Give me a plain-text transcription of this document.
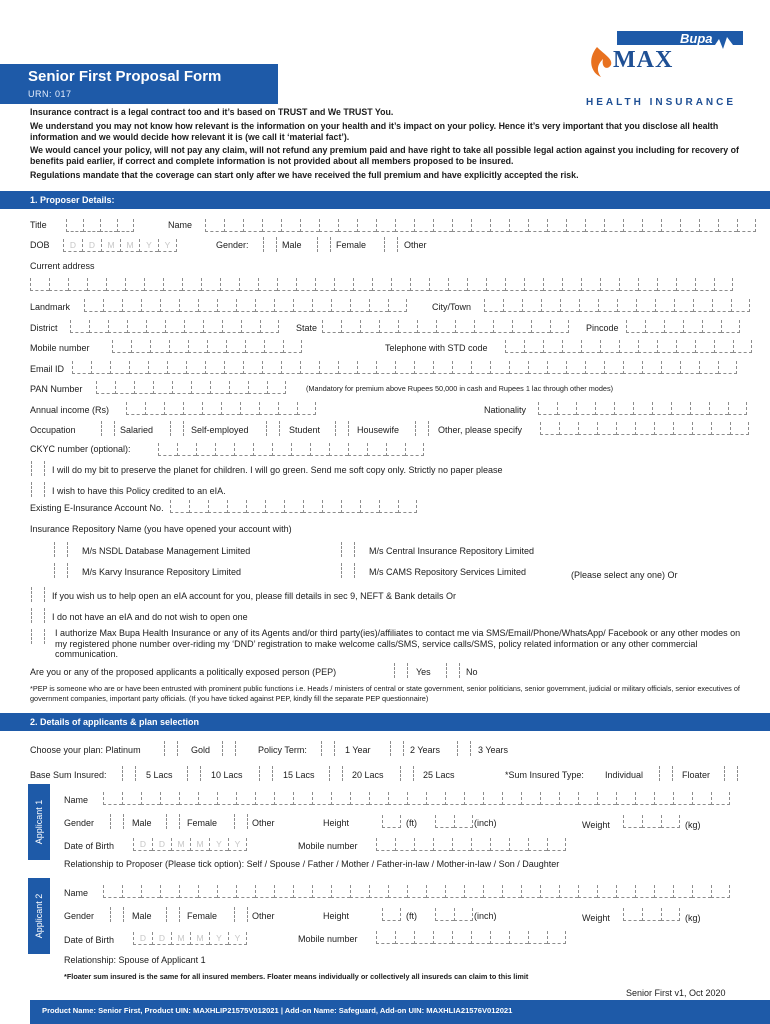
Senior First Proposal Form
URN: 017
Bupa
MAX
HEALTH INSURANCE
Insurance contract is a legal contract too and it’s based on TRUST and We TRUST You.
We understand you may not know how relevant is the information on your health and it’s impact on your policy. Hence it’s very important that you disclose all health information and we would decide how relevant it is (we call it ‘material fact’).
We would cancel your policy, will not pay any claim, will not refund any premium paid and have right to take all possible legal action against you including for recovery of benefits paid earlier, if correct and complete information is not provided about all members proposed to be insured.
Regulations mandate that the coverage can start only after we have received the full premium and have explicitly accepted the risk.
1. Proposer Details:
Title	Name
DOB	D	D	M	M	Y	Y	Gender:	Male	Female	Other
Current address
Landmark	City/Town
District	State	Pincode
Mobile number	Telephone with STD code
Email ID
PAN Number	(Mandatory for premium above Rupees 50,000 in cash and Rupees 1 lac through other modes)
Annual income (Rs)	Nationality
Occupation	Salaried	Self-employed	Student	Housewife	Other, please specify
CKYC number (optional):
I will do my bit to preserve the planet for children. I will go green. Send me soft copy only. Strictly no paper please
I wish to have this Policy credited to an eIA.
Existing E-Insurance Account No.
Insurance Repository Name (you have opened your account with)
M/s NSDL Database Management Limited	M/s Central Insurance Repository Limited
M/s Karvy Insurance Repository Limited	M/s CAMS Repository Services Limited	(Please select any one) Or
If you wish us to help open an eIA account for you, please fill details in sec 9, NEFT & Bank details Or
I do not have an eIA and do not wish to open one
I authorize Max Bupa Health Insurance or any of its Agents and/or third party(ies)/affiliates to contact me via SMS/Email/Phone/WhatsApp/ Facebook or any other modes on my registered phone number over-riding my ‘DND’ registration to make welcome calls/SMS, service calls/SMS, policy related information or any other commercial communication.
Are you or any of the proposed applicants a politically exposed person (PEP)	Yes	No
*PEP is someone who are or have been entrusted with prominent public functions i.e. Heads / ministers of central or state government, senior politicians, senior government, judicial or military officials, senior executives of government companies, important party officials. (If you have ticked against PEP, kindly fill the separate PEP questionnaire)
2. Details of applicants & plan selection
Choose your plan: Platinum	Gold	Policy Term:	1 Year	2 Years	3 Years
Base Sum Insured:	5 Lacs	10 Lacs	15 Lacs	20 Lacs	25 Lacs	*Sum Insured Type: Individual	Floater
Applicant 1 Name
Gender	Male	Female	Other	Height	(ft)	(inch)	Weight	(kg)
Date of Birth	D	D	M	M	Y	Y	Mobile number
Relationship to Proposer (Please tick option): Self / Spouse / Father / Mother / Father-in-law / Mother-in-law / Son / Daughter
Applicant 2
Name
Gender	Male	Female	Other	Height	(ft)	(inch)	Weight	(kg)
Date of Birth	D	D	M	M	Y	Y	Mobile number
Relationship: Spouse of Applicant 1
*Floater sum insured is the same for all insured members. Floater means individually or collectively all insureds can claim to this limit
Senior First v1, Oct 2020
Product Name: Senior First, Product UIN: MAXHLIP21575V012021 | Add-on Name: Safeguard, Add-on UIN: MAXHLIA21576V012021
